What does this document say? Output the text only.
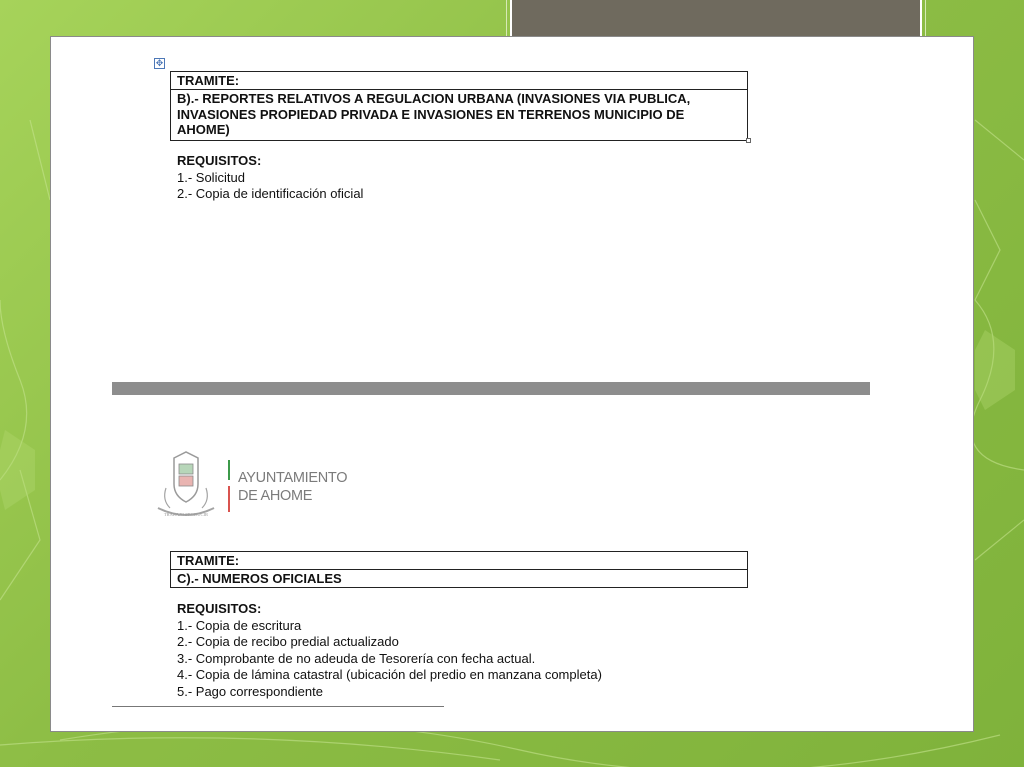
✥
TRAMITE:
B).- REPORTES RELATIVOS A REGULACION URBANA (INVASIONES VIA PUBLICA,
INVASIONES PROPIEDAD PRIVADA E INVASIONES EN TERRENOS MUNICIPIO DE
AHOME)
REQUISITOS:
1.- Solicitud
2.- Copia de identificación oficial
TRABAJO PRODUCIR
AYUNTAMIENTO
DE AHOME
TRAMITE:
C).- NUMEROS OFICIALES
REQUISITOS:
1.- Copia de escritura
2.- Copia de recibo predial actualizado
3.- Comprobante de no adeuda de Tesorería con fecha actual.
4.- Copia de lámina catastral (ubicación del predio en manzana completa)
5.- Pago correspondiente
